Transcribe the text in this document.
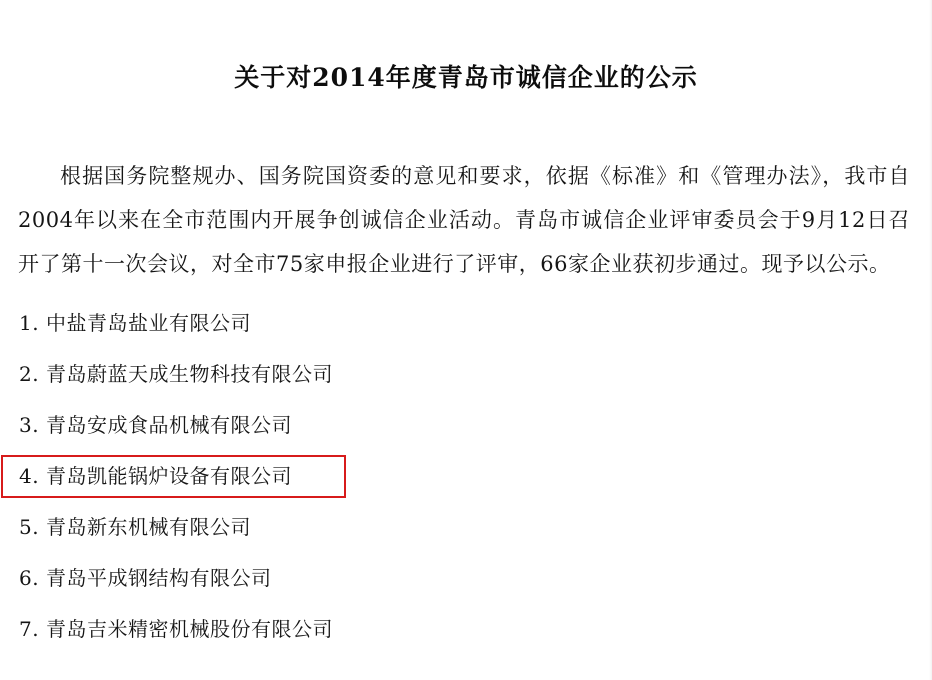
关于对2014年度青岛市诚信企业的公示

根据国务院整规办、国务院国资委的意见和要求，依据《标准》和《管理办法》，我市自2004年以来在全市范围内开展争创诚信企业活动。青岛市诚信企业评审委员会于9月12日召开了第十一次会议，对全市75家申报企业进行了评审，66家企业获初步通过。现予以公示。

1. 中盐青岛盐业有限公司
2. 青岛蔚蓝天成生物科技有限公司
3. 青岛安成食品机械有限公司
4. 青岛凯能锅炉设备有限公司
5. 青岛新东机械有限公司
6. 青岛平成钢结构有限公司
7. 青岛吉米精密机械股份有限公司
